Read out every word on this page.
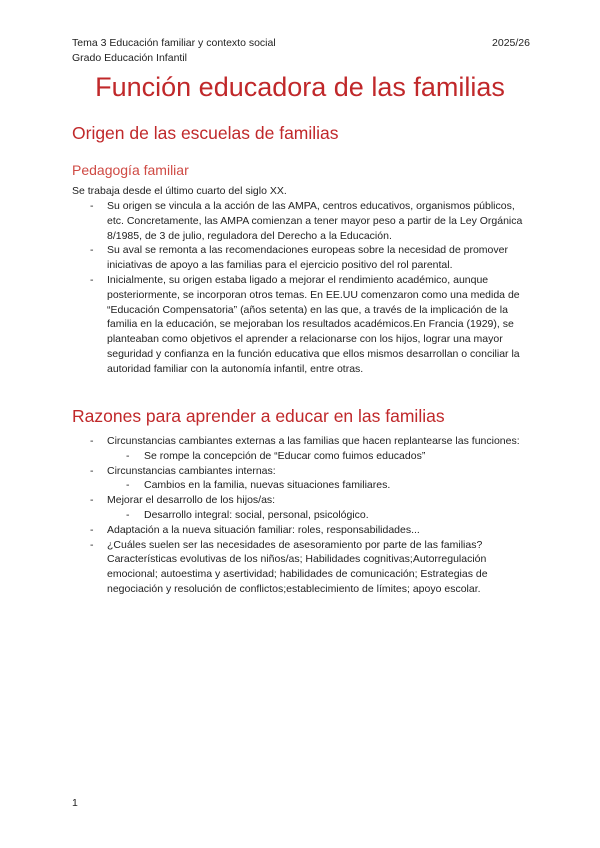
Tema 3 Educación familiar y contexto social
Grado Educación Infantil
2025/26
Función educadora de las familias
Origen de las escuelas de familias
Pedagogía familiar

Se trabaja desde el último cuarto del siglo XX.

- Su origen se vincula a la acción de las AMPA, centros educativos, organismos públicos, etc. Concretamente, las AMPA comienzan a tener mayor peso a partir de la Ley Orgánica 8/1985, de 3 de julio, reguladora del Derecho a la Educación.
- Su aval se remonta a las recomendaciones europeas sobre la necesidad de promover iniciativas de apoyo a las familias para el ejercicio positivo del rol parental.
- Inicialmente, su origen estaba ligado a mejorar el rendimiento académico, aunque posteriormente, se incorporan otros temas. En EE.UU comenzaron como una medida de “Educación Compensatoria” (años setenta) en las que, a través de la implicación de la familia en la educación, se mejoraban los resultados académicos.En Francia (1929), se planteaban como objetivos el aprender a relacionarse con los hijos, lograr una mayor seguridad y confianza en la función educativa que ellos mismos desarrollan o conciliar la autoridad familiar con la autonomía infantil, entre otras.
Razones para aprender a educar en las familias
- Circunstancias cambiantes externas a las familias que hacen replantearse las funciones:
- Se rompe la concepción de “Educar como fuimos educados”
- Circunstancias cambiantes internas:
- Cambios en la familia, nuevas situaciones familiares.
- Mejorar el desarrollo de los hijos/as:
- Desarrollo integral: social, personal, psicológico.
- Adaptación a la nueva situación familiar: roles, responsabilidades...
- ¿Cuáles suelen ser las necesidades de asesoramiento por parte de las familias? Características evolutivas de los niños/as; Habilidades cognitivas;Autorregulación emocional; autoestima y asertividad; habilidades de comunicación; Estrategias de negociación y resolución de conflictos;establecimiento de límites; apoyo escolar.
1
